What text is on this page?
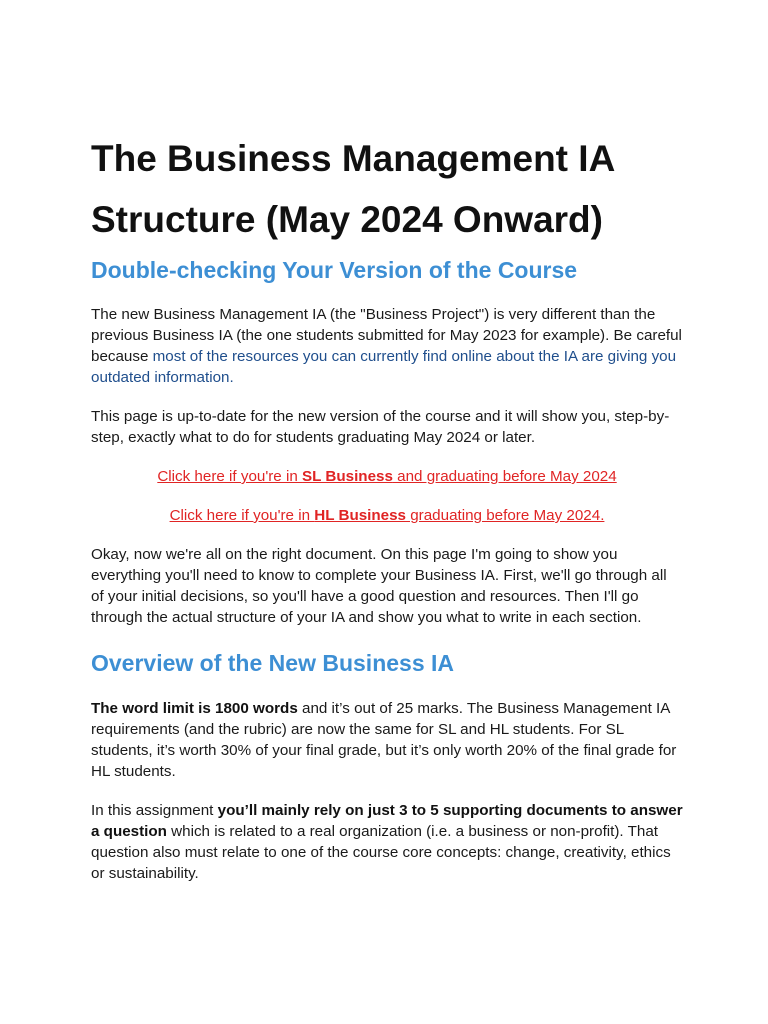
The Business Management IA Structure (May 2024 Onward)
Double-checking Your Version of the Course

The new Business Management IA (the "Business Project") is very different than the previous Business IA (the one students submitted for May 2023 for example). Be careful because most of the resources you can currently find online about the IA are giving you outdated information.

This page is up-to-date for the new version of the course and it will show you, step-by-step, exactly what to do for students graduating May 2024 or later.

Click here if you're in SL Business and graduating before May 2024

Click here if you're in HL Business graduating before May 2024.

Okay, now we're all on the right document. On this page I'm going to show you everything you'll need to know to complete your Business IA. First, we'll go through all of your initial decisions, so you'll have a good question and resources. Then I'll go through the actual structure of your IA and show you what to write in each section.

Overview of the New Business IA

The word limit is 1800 words and it’s out of 25 marks. The Business Management IA requirements (and the rubric) are now the same for SL and HL students. For SL students, it’s worth 30% of your final grade, but it’s only worth 20% of the final grade for HL students.

In this assignment you’ll mainly rely on just 3 to 5 supporting documents to answer a question which is related to a real organization (i.e. a business or non-profit). That question also must relate to one of the course core concepts: change, creativity, ethics or sustainability.
